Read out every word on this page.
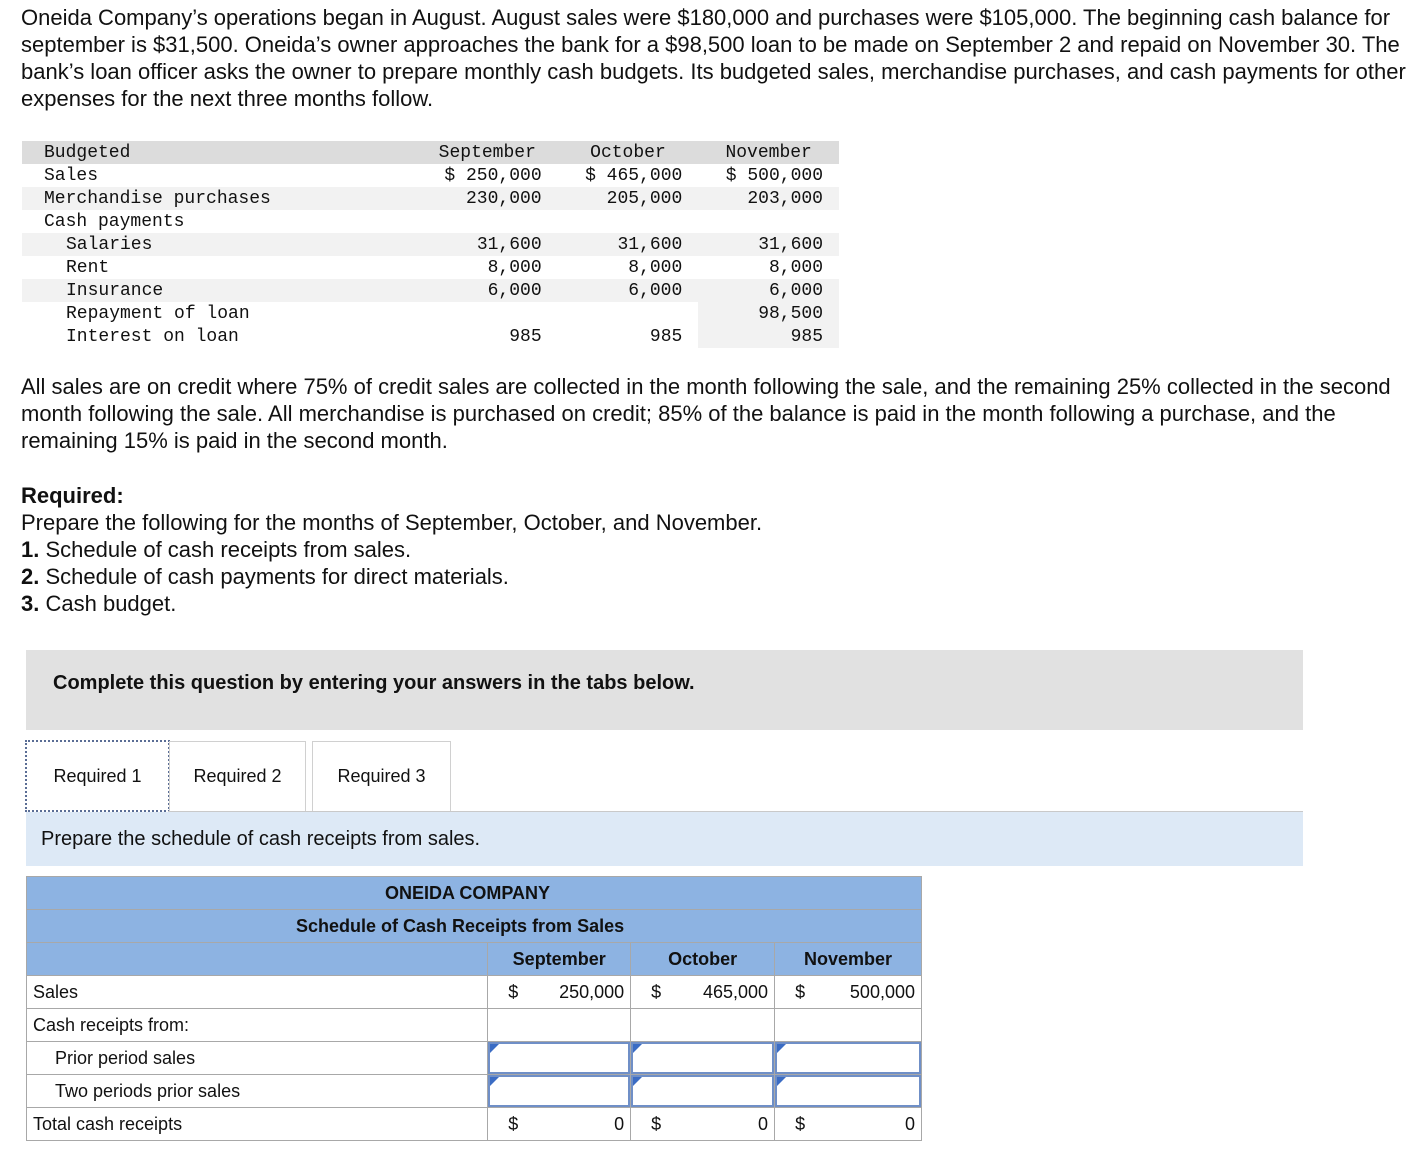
Oneida Company’s operations began in August. August sales were $180,000 and purchases were $105,000. The beginning cash balance for september is $31,500. Oneida’s owner approaches the bank for a $98,500 loan to be made on September 2 and repaid on November 30. The bank’s loan officer asks the owner to prepare monthly cash budgets. Its budgeted sales, merchandise purchases, and cash payments for other expenses for the next three months follow.
Budgeted	September	October	November
Sales	$ 250,000	$ 465,000	$ 500,000
Merchandise purchases	230,000	205,000	203,000
Cash payments			
Salaries	31,600	31,600	31,600
Rent	8,000	8,000	8,000
Insurance	6,000	6,000	6,000
Repayment of loan			98,500
Interest on loan	985	985	985
All sales are on credit where 75% of credit sales are collected in the month following the sale, and the remaining 25% collected in the second month following the sale. All merchandise is purchased on credit; 85% of the balance is paid in the month following a purchase, and the remaining 15% is paid in the second month.
Required:
Prepare the following for the months of September, October, and November.
1. Schedule of cash receipts from sales.
2. Schedule of cash payments for direct materials.
3. Cash budget.
Complete this question by entering your answers in the tabs below.
Required 1	Required 2	Required 3
Prepare the schedule of cash receipts from sales.
ONEIDA COMPANY			
Schedule of Cash Receipts from Sales			
	September	October	November
Sales	$ 250,000	$ 465,000	$ 500,000

Cash receipts from:			
Prior period sales	

Two periods prior sales	

Total cash receipts	$ 0	$ 0	$ 0
